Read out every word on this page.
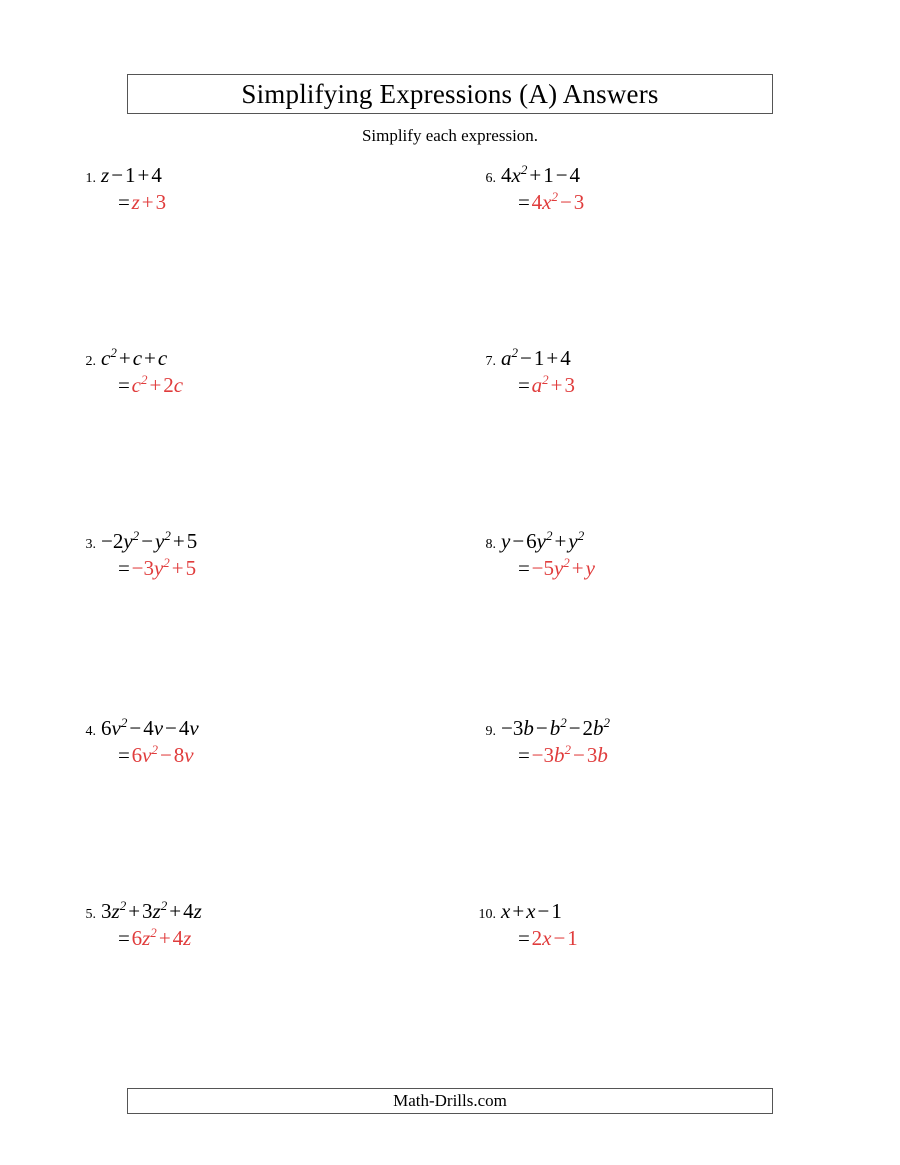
Simplifying Expressions (A) Answers
Simplify each expression.
1. z−1+4
= z+3
2. $c^2+c+c$
= $c^2+2c$
3. $-2y^2-y^2+5$
= $-3y^2+5$
4. $6v^2-4v-4v$
= $6v^2-8v$
5. $3z^2+3z^2+4z$
= $6z^2+4z$
6. $4x^2+1-4$
= $4x^2-3$
7. $a^2-1+4$
= $a^2+3$
8. $y-6y^2+y^2$
= $-5y^2+y$
9. $-3b-b^2-2b^2$
= $-3b^2-3b$
10. x+x−1
= 2x−1
Math-Drills.com
